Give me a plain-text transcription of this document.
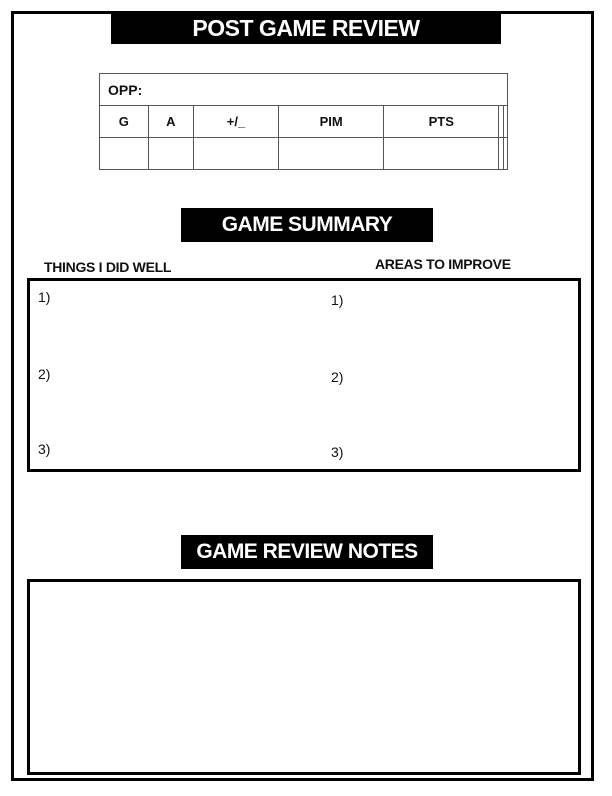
POST GAME REVIEW
OPP:						
G	A	+/_	PIM	PTS		

GAME SUMMARY
THINGS I DID WELL	AREAS TO IMPROVE
1)
2)
3)
1)
2)
3)
GAME REVIEW NOTES
